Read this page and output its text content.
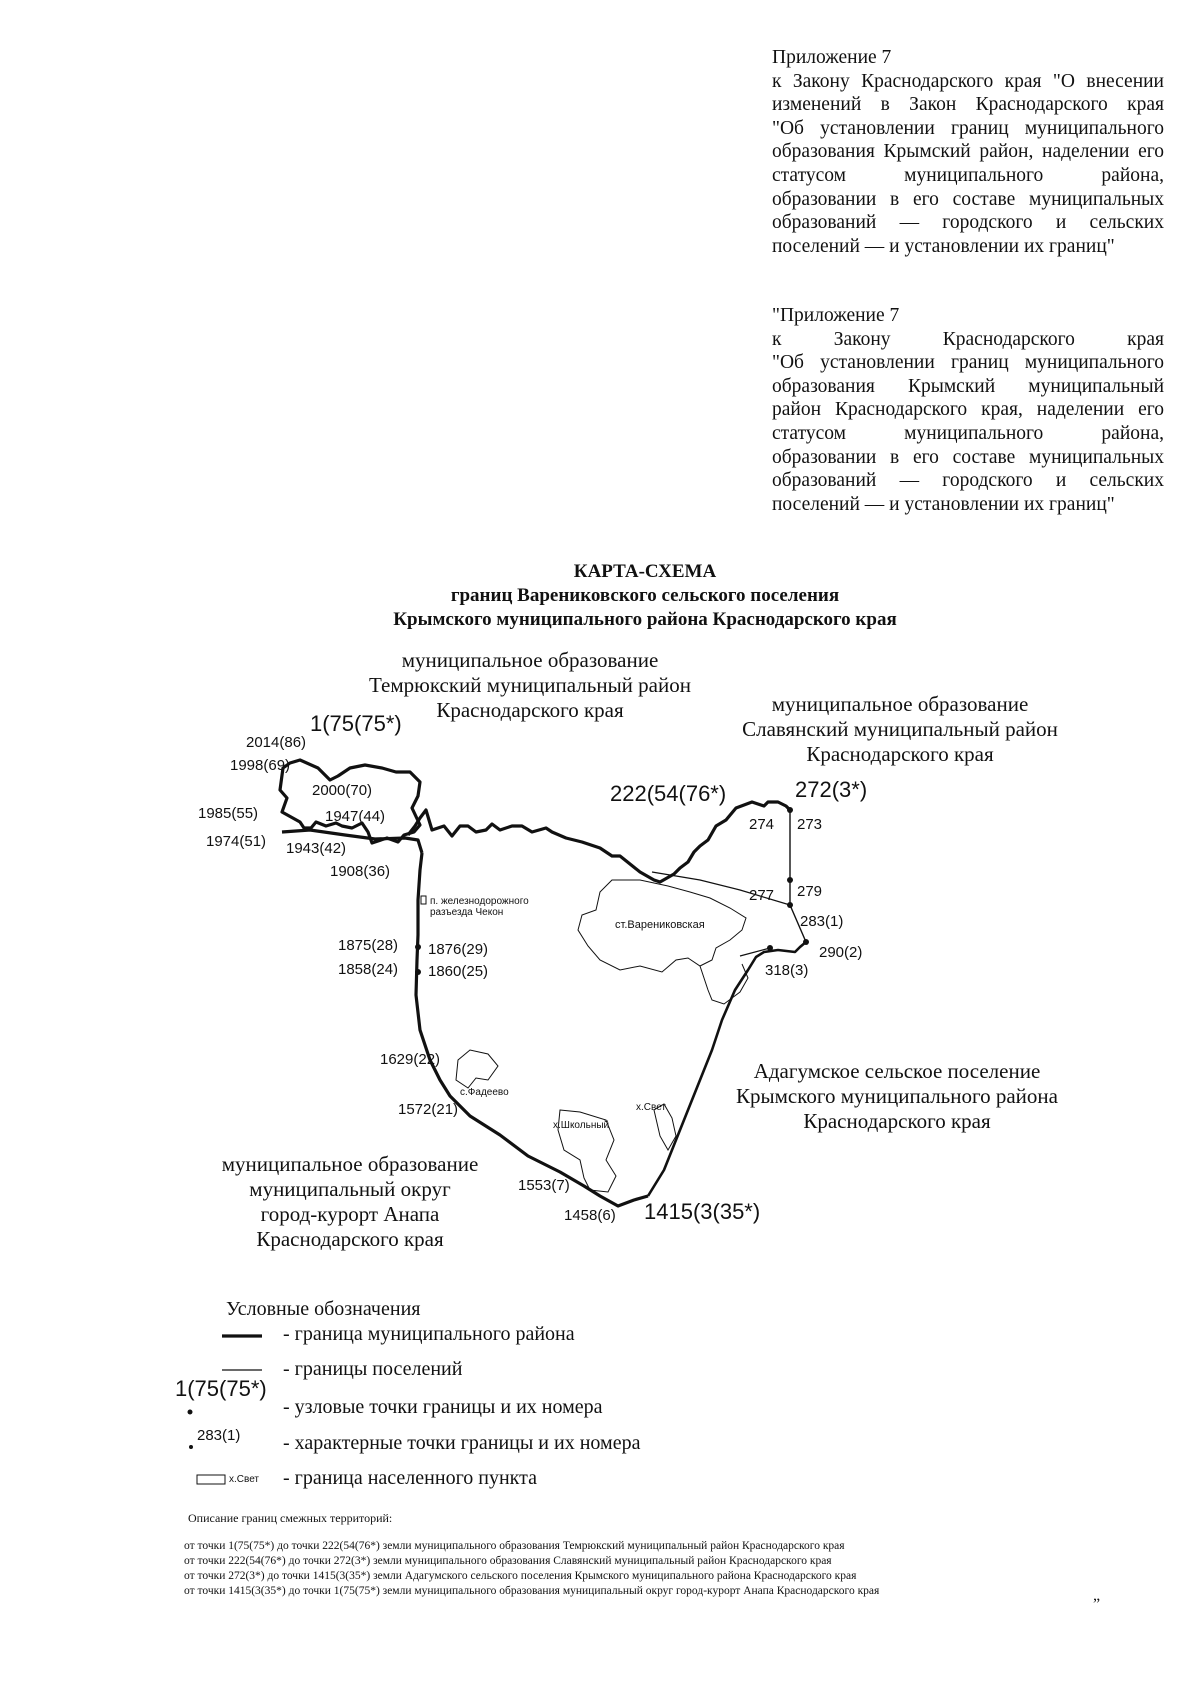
Приложение 7
к Закону Краснодарского края "О внесении
изменений в Закон Краснодарского края
"Об установлении границ муниципального
образования Крымский район, наделении его
статусом муниципального района,
образовании в его составе муниципальных
образований — городского и сельских
поселений — и установлении их границ"
"Приложение 7
к Закону Краснодарского края
"Об установлении границ муниципального
образования Крымский муниципальный
район Краснодарского края, наделении его
статусом муниципального района,
образовании в его составе муниципальных
образований — городского и сельских
поселений — и установлении их границ"
КАРТА-СХЕМА
границ Варениковского сельского поселения
Крымского муниципального района Краснодарского края
муниципальное образование
Темрюкский муниципальный район
Краснодарского края	муниципальное образование
Славянский муниципальный район
Краснодарского края
Адагумское сельское поселение
Крымского муниципального района
Краснодарского края
муниципальное образование
муниципальный округ
город-курорт Анапа
Краснодарского края
ст.Варениковская
с.Фадеево
х.Школьный
х.Свет
п. железнодорожного разъезда Чекон
1(75(75*)
222(54(76*)	272(3*)
1415(3(35*)
2014(86)
1998(69)
2000(70)
1985(55)	1947(44)
1974(51) 1943(42)
1908(36)
274 273
277 279
283(1)
290(2)
318(3)
1875(28) 1876(29)
1858(24) 1860(25)
1629(22)
1572(21)
1553(7)
1458(6)
Условные обозначения
- граница муниципального района
- границы поселений
1(75(75*)
- узловые точки границы и их номера
283(1) - характерные точки границы и их номера
х.Свет - граница населенного пункта
Описание границ смежных территорий:
от точки 1(75(75*) до точки 222(54(76*) земли муниципального образования Темрюкский муниципальный район Краснодарского края
от точки 222(54(76*) до точки 272(3*) земли муниципального образования Славянский муниципальный район Краснодарского края
от точки 272(3*) до точки 1415(3(35*) земли Адагумского сельского поселения Крымского муниципального района Краснодарского края
от точки 1415(3(35*) до точки 1(75(75*) земли муниципального образования муниципальный округ город-курорт Анапа Краснодарского края	„
